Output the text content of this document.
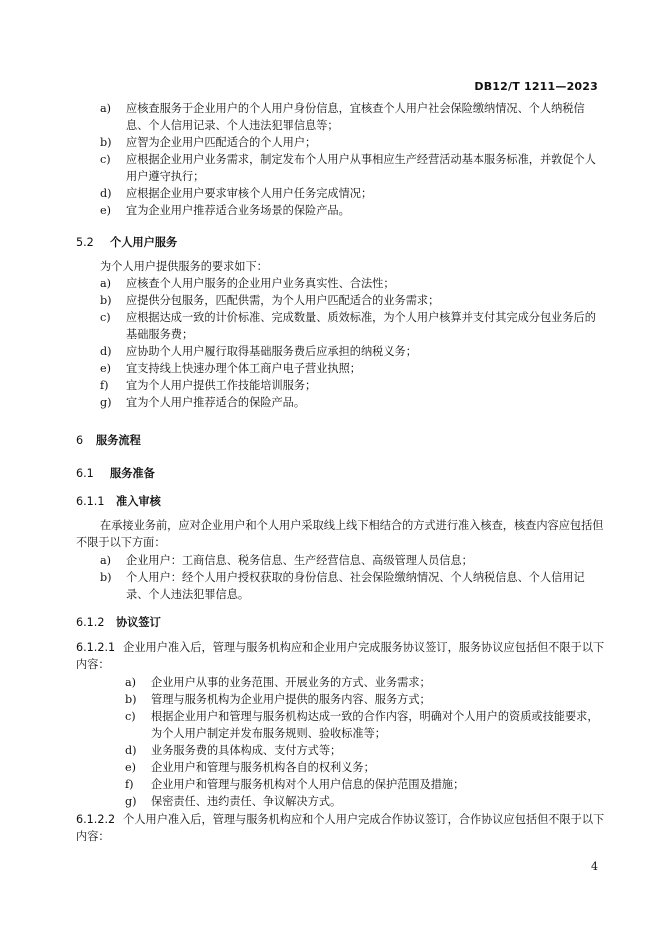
DB12/T 1211—2023
a) 应核查服务于企业用户的个人用户身份信息，宜核查个人用户社会保险缴纳情况、个人纳税信息、个人信用记录、个人违法犯罪信息等；
b) 应智为企业用户匹配适合的个人用户；
c) 应根据企业用户业务需求，制定发布个人用户从事相应生产经营活动基本服务标准，并敦促个人用户遵守执行；
d) 应根据企业用户要求审核个人用户任务完成情况；
e) 宜为企业用户推荐适合业务场景的保险产品。
5.2 个人用户服务
为个人用户提供服务的要求如下：
a) 应核查个人用户服务的企业用户业务真实性、合法性；
b) 应提供分包服务，匹配供需，为个人用户匹配适合的业务需求；
c) 应根据达成一致的计价标准、完成数量、质效标准，为个人用户核算并支付其完成分包业务后的基础服务费；
d) 应协助个人用户履行取得基础服务费后应承担的纳税义务；
e) 宜支持线上快速办理个体工商户电子营业执照；
f) 宜为个人用户提供工作技能培训服务；
g) 宜为个人用户推荐适合的保险产品。
6 服务流程
6.1 服务准备
6.1.1 准入审核
在承接业务前，应对企业用户和个人用户采取线上线下相结合的方式进行准入核查，核查内容应包括但不限于以下方面：
a) 企业用户：工商信息、税务信息、生产经营信息、高级管理人员信息；
b) 个人用户：经个人用户授权获取的身份信息、社会保险缴纳情况、个人纳税信息、个人信用记录、个人违法犯罪信息。
6.1.2 协议签订
6.1.2.1 企业用户准入后，管理与服务机构应和企业用户完成服务协议签订，服务协议应包括但不限于以下内容：
a) 企业用户从事的业务范围、开展业务的方式、业务需求；
b) 管理与服务机构为企业用户提供的服务内容、服务方式；
c) 根据企业用户和管理与服务机构达成一致的合作内容，明确对个人用户的资质或技能要求，为个人用户制定并发布服务规则、验收标准等；
d) 业务服务费的具体构成、支付方式等；
e) 企业用户和管理与服务机构各自的权利义务；
f) 企业用户和管理与服务机构对个人用户信息的保护范围及措施；
g) 保密责任、违约责任、争议解决方式。
6.1.2.2 个人用户准入后，管理与服务机构应和个人用户完成合作协议签订，合作协议应包括但不限于以下内容：
4
